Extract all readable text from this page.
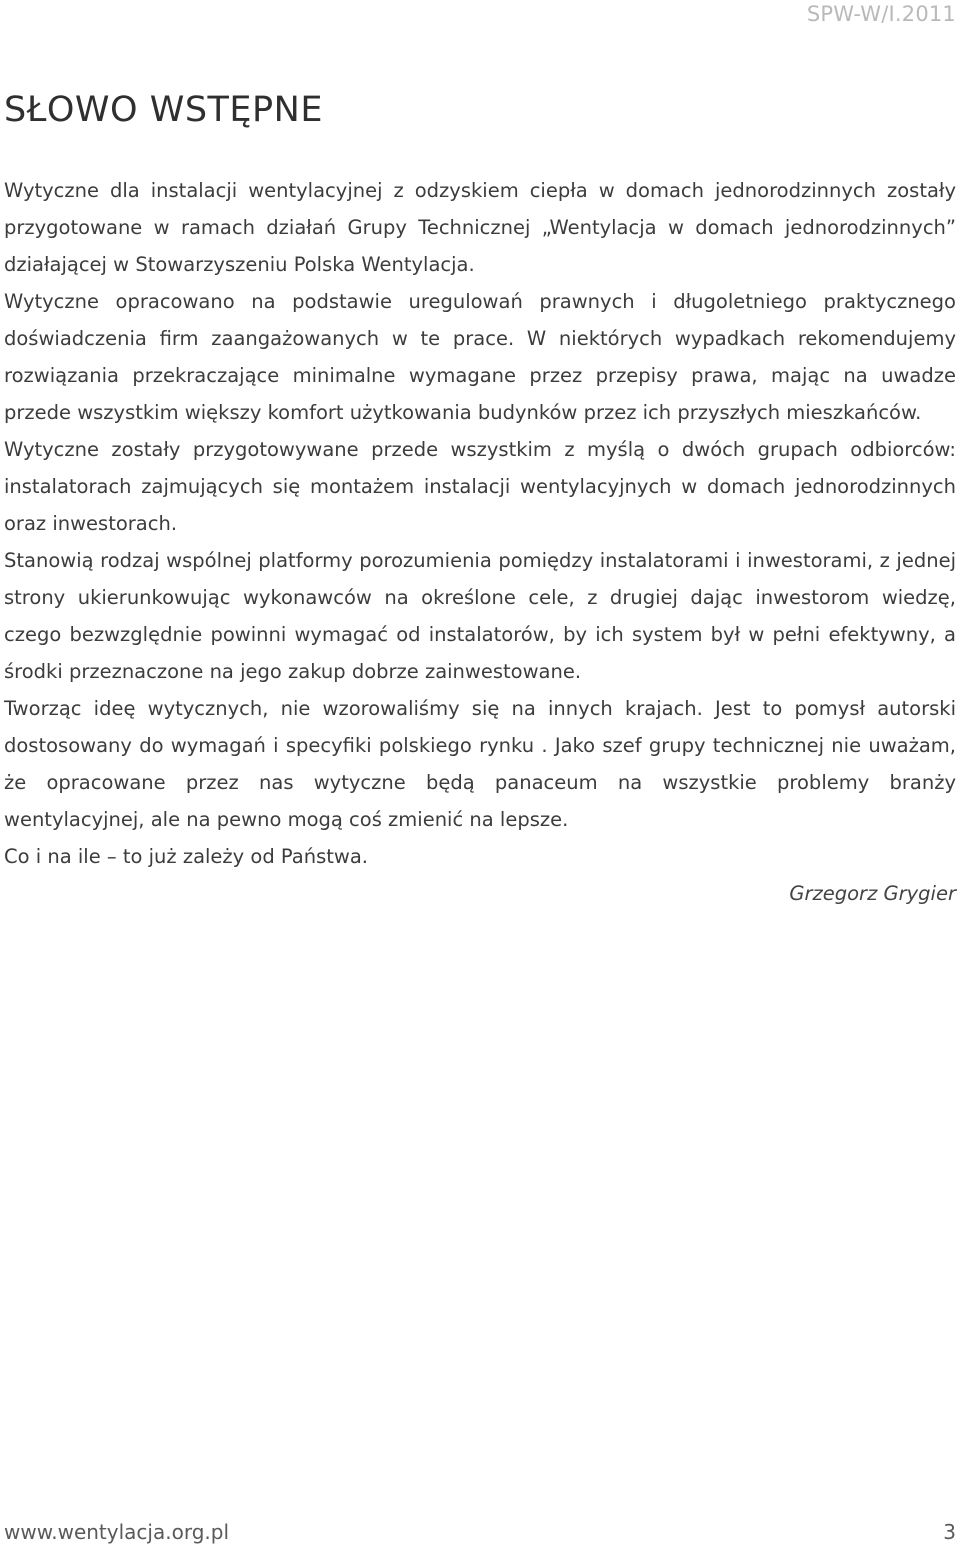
SPW-W/I.2011
SŁOWO WSTĘPNE

Wytyczne dla instalacji wentylacyjnej z odzyskiem ciepła w domach jednorodzinnych zostały przygotowane w ramach działań Grupy Technicznej „Wentylacja w domach jednorodzinnych” działającej w Stowarzyszeniu Polska Wentylacja.

Wytyczne opracowano na podstawie uregulowań prawnych i długoletniego praktycznego doświadczenia firm zaangażowanych w te prace. W niektórych wypadkach rekomendujemy rozwiązania przekraczające minimalne wymagane przez przepisy prawa, mając na uwadze przede wszystkim większy komfort użytkowania budynków przez ich przyszłych mieszkańców.

Wytyczne zostały przygotowywane przede wszystkim z myślą o dwóch grupach odbiorców: instalatorach zajmujących się montażem instalacji wentylacyjnych w domach jednorodzinnych oraz inwestorach.

Stanowią rodzaj wspólnej platformy porozumienia pomiędzy instalatorami i inwestorami, z jednej strony ukierunkowując wykonawców na określone cele, z drugiej dając inwestorom wiedzę, czego bezwzględnie powinni wymagać od instalatorów, by ich system był w pełni efektywny, a środki przeznaczone na jego zakup dobrze zainwestowane.

Tworząc ideę wytycznych, nie wzorowaliśmy się na innych krajach. Jest to pomysł autorski dostosowany do wymagań i specyfiki polskiego rynku . Jako szef grupy technicznej nie uważam, że opracowane przez nas wytyczne będą panaceum na wszystkie problemy branży wentylacyjnej, ale na pewno mogą coś zmienić na lepsze.

Co i na ile – to już zależy od Państwa.

Grzegorz Grygier

www.wentylacja.org.pl	3
